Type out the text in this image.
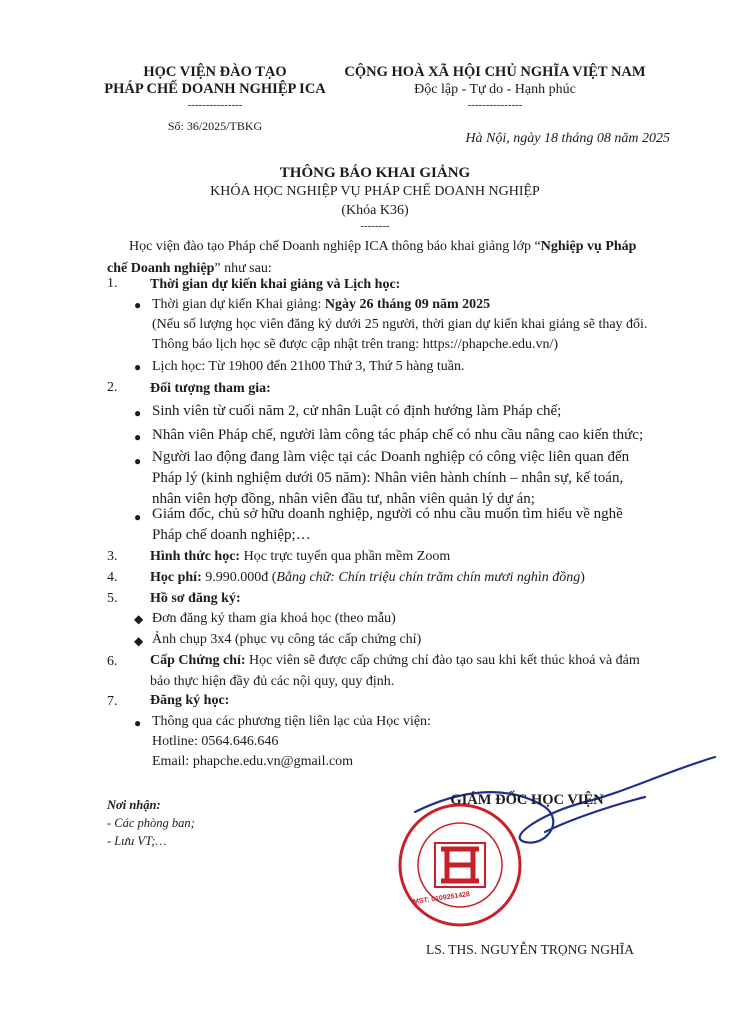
HỌC VIỆN ĐÀO TẠO
PHÁP CHẾ DOANH NGHIỆP ICA
---------------
Số: 36/2025/TBKG
CỘNG HOÀ XÃ HỘI CHỦ NGHĨA VIỆT NAM
Độc lập - Tự do - Hạnh phúc
---------------
Hà Nội, ngày 18 tháng 08 năm 2025
THÔNG BÁO KHAI GIẢNG
KHÓA HỌC NGHIỆP VỤ PHÁP CHẾ DOANH NGHIỆP
(Khóa K36)
--------
Học viện đào tạo Pháp chế Doanh nghiệp ICA thông báo khai giảng lớp “Nghiệp vụ Pháp
chế Doanh nghiệp” như sau:
1. Thời gian dự kiến khai giảng và Lịch học:
● Thời gian dự kiến Khai giảng: Ngày 26 tháng 09 năm 2025
(Nếu số lượng học viên đăng ký dưới 25 người, thời gian dự kiến khai giảng sẽ thay đổi.
Thông báo lịch học sẽ được cập nhật trên trang: https://phapche.edu.vn/)
● Lịch học: Từ 19h00 đến 21h00 Thứ 3, Thứ 5 hàng tuần.
2. Đối tượng tham gia:
● Sinh viên từ cuối năm 2, cử nhân Luật có định hướng làm Pháp chế;
● Nhân viên Pháp chế, người làm công tác pháp chế có nhu cầu nâng cao kiến thức;
● Người lao động đang làm việc tại các Doanh nghiệp có công việc liên quan đến
Pháp lý (kinh nghiệm dưới 05 năm): Nhân viên hành chính – nhân sự, kế toán,
nhân viên hợp đồng, nhân viên đầu tư, nhân viên quản lý dự án;
● Giám đốc, chủ sở hữu doanh nghiệp, người có nhu cầu muốn tìm hiểu về nghề
Pháp chế doanh nghiệp;…
3. Hình thức học: Học trực tuyến qua phần mềm Zoom
4. Học phí: 9.990.000đ (Bằng chữ: Chín triệu chín trăm chín mươi nghìn đồng)
5. Hồ sơ đăng ký:
◆ Đơn đăng ký tham gia khoá học (theo mẫu)
◆ Ảnh chụp 3x4 (phục vụ công tác cấp chứng chỉ)
6. Cấp Chứng chỉ: Học viên sẽ được cấp chứng chỉ đào tạo sau khi kết thúc khoá và đảm
bảo thực hiện đầy đủ các nội quy, quy định.
7. Đăng ký học:
● Thông qua các phương tiện liên lạc của Học viện:
Hotline: 0564.646.646
Email: phapche.edu.vn@gmail.com
Nơi nhận:
- Các phòng ban;
- Lưu VT;…
MST: 0109251428
GIÁM ĐỐC HỌC VIỆN
LS. THS. NGUYỄN TRỌNG NGHĨA
